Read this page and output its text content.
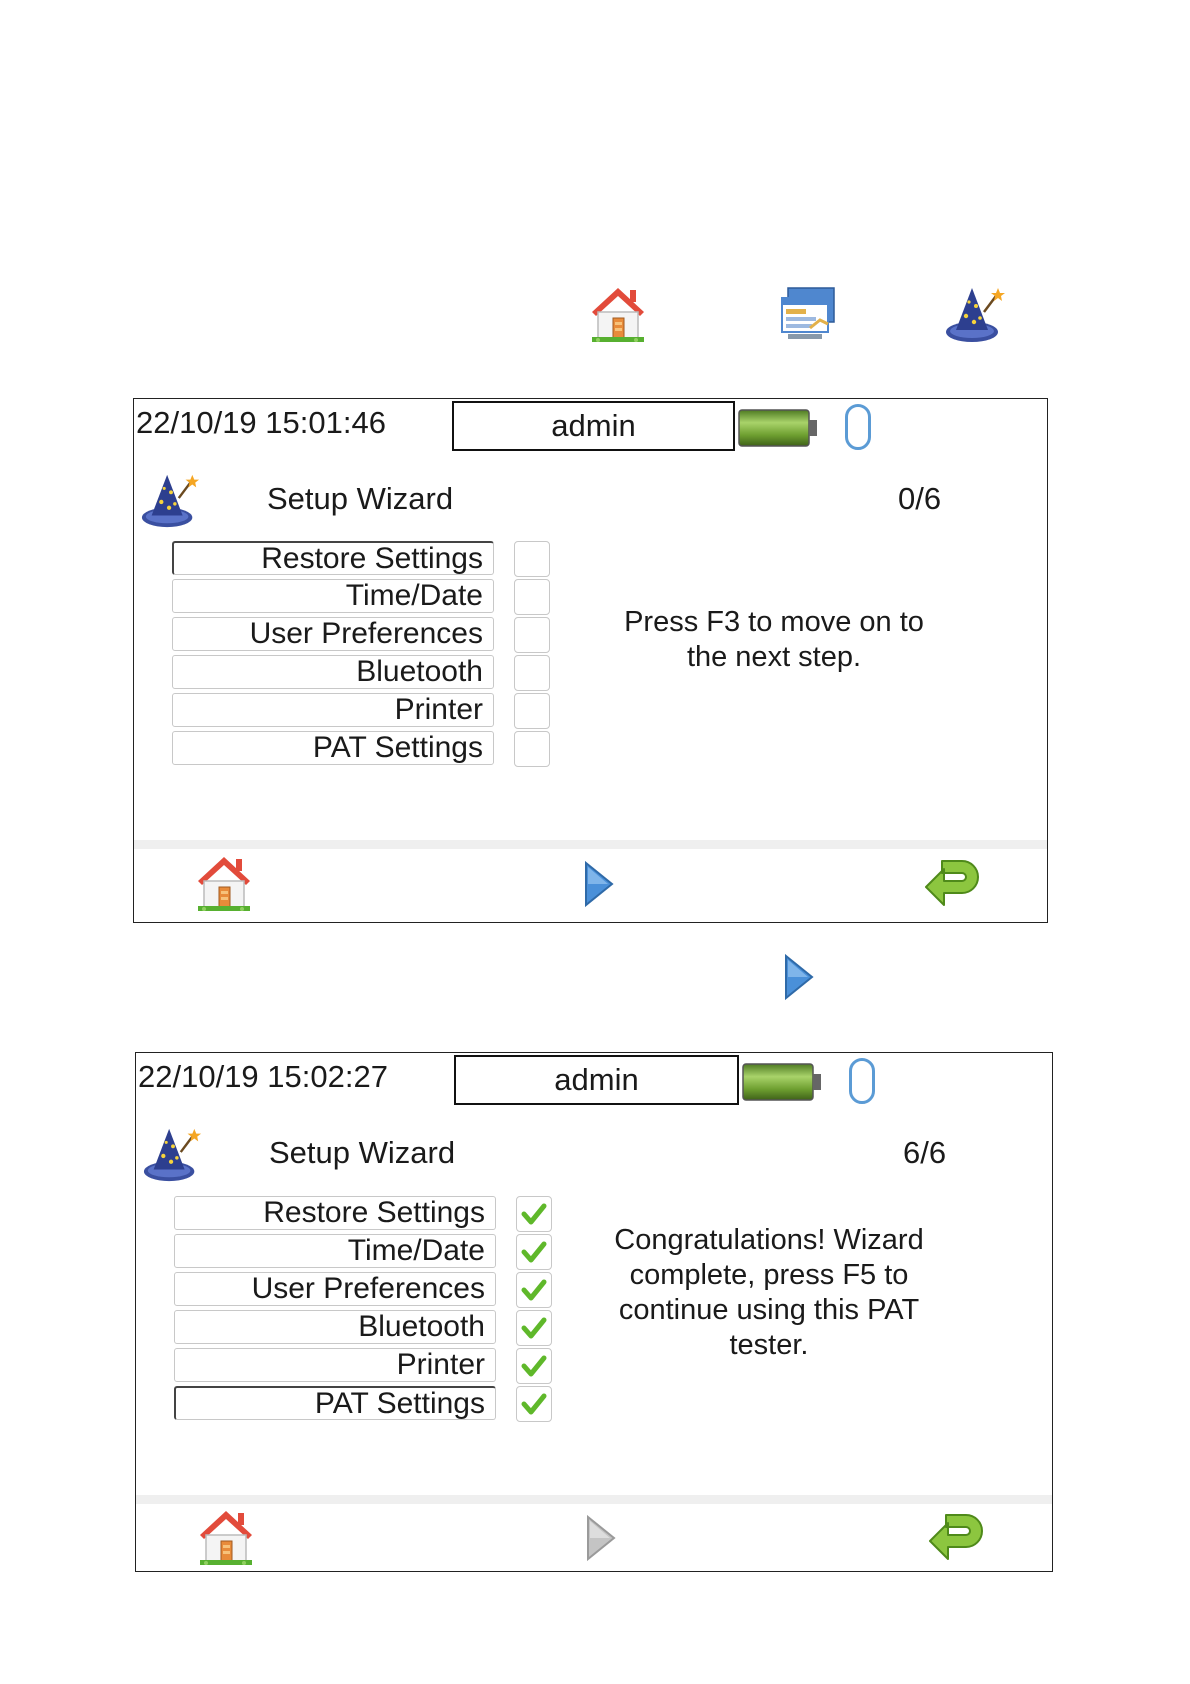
22/10/19 15:01:46	admin
Setup Wizard	0/6
Restore Settings
Time/Date
User Preferences
Bluetooth
Printer
PAT Settings
Press F3 to move on to
the next step.
22/10/19 15:02:27	admin
Setup Wizard	6/6
Restore Settings
Time/Date
User Preferences
Bluetooth
Printer
PAT Settings
Congratulations! Wizard
complete, press F5 to
continue using this PAT
tester.
